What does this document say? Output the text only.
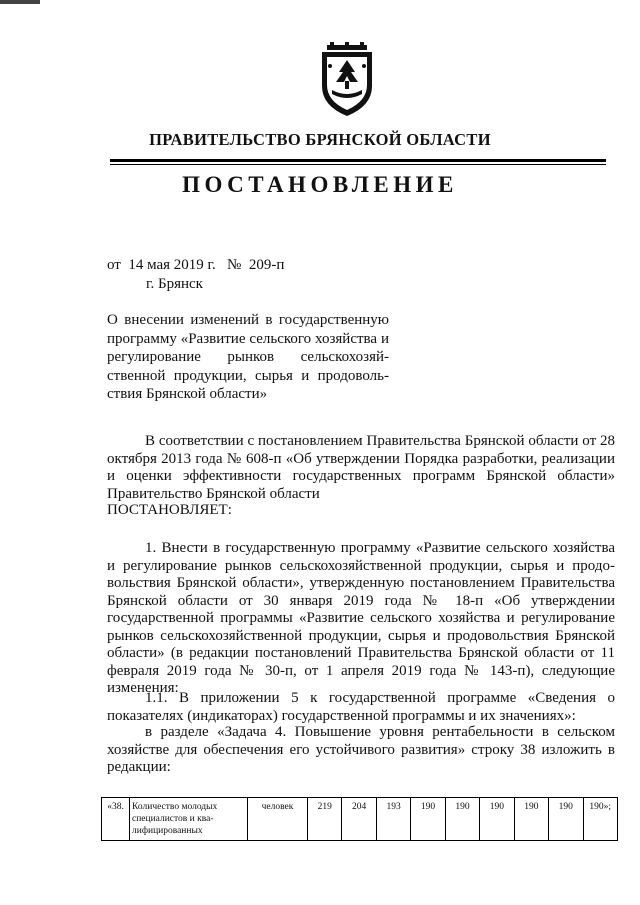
ПРАВИТЕЛЬСТВО БРЯНСКОЙ ОБЛАСТИ
ПОСТАНОВЛЕНИЕ
от  14 мая 2019 г.   №  209-п
г. Брянск
О внесении изменений в государственную программу «Развитие сельского хозяйства и регулирование рынков сельскохозяй-ственной продукции, сырья и продоволь-ствия Брянской области»

В соответствии с постановлением Правительства Брянской области от 28 октября 2013 года № 608-п «Об утверждении Порядка разработки, реализации и оценки эффективности государственных программ Брянской области» Правительство Брянской области

ПОСТАНОВЛЯЕТ:

1. Внести в государственную программу «Развитие сельского хозяйства и регулирование рынков сельскохозяйственной продукции, сырья и продо-вольствия Брянской области», утвержденную постановлением Правительства Брянской области от 30 января 2019 года № 18-п «Об утверждении государственной программы «Развитие сельского хозяйства и регулирование рынков сельскохозяйственной продукции, сырья и продовольствия Брянской области» (в редакции постановлений Правительства Брянской области от 11 февраля 2019 года № 30-п, от 1 апреля 2019 года № 143-п), следующие изменения:

1.1. В приложении 5 к государственной программе «Сведения о показателях (индикаторах) государственной программы и их значениях»:

в разделе «Задача 4. Повышение уровня рентабельности в сельском хозяйстве для обеспечения его устойчивого развития» строку 38 изложить в редакции:

«38.	Количество молодых специалистов и ква-лифицированных	человек	219	204	193	190	190	190	190	190	190»;
